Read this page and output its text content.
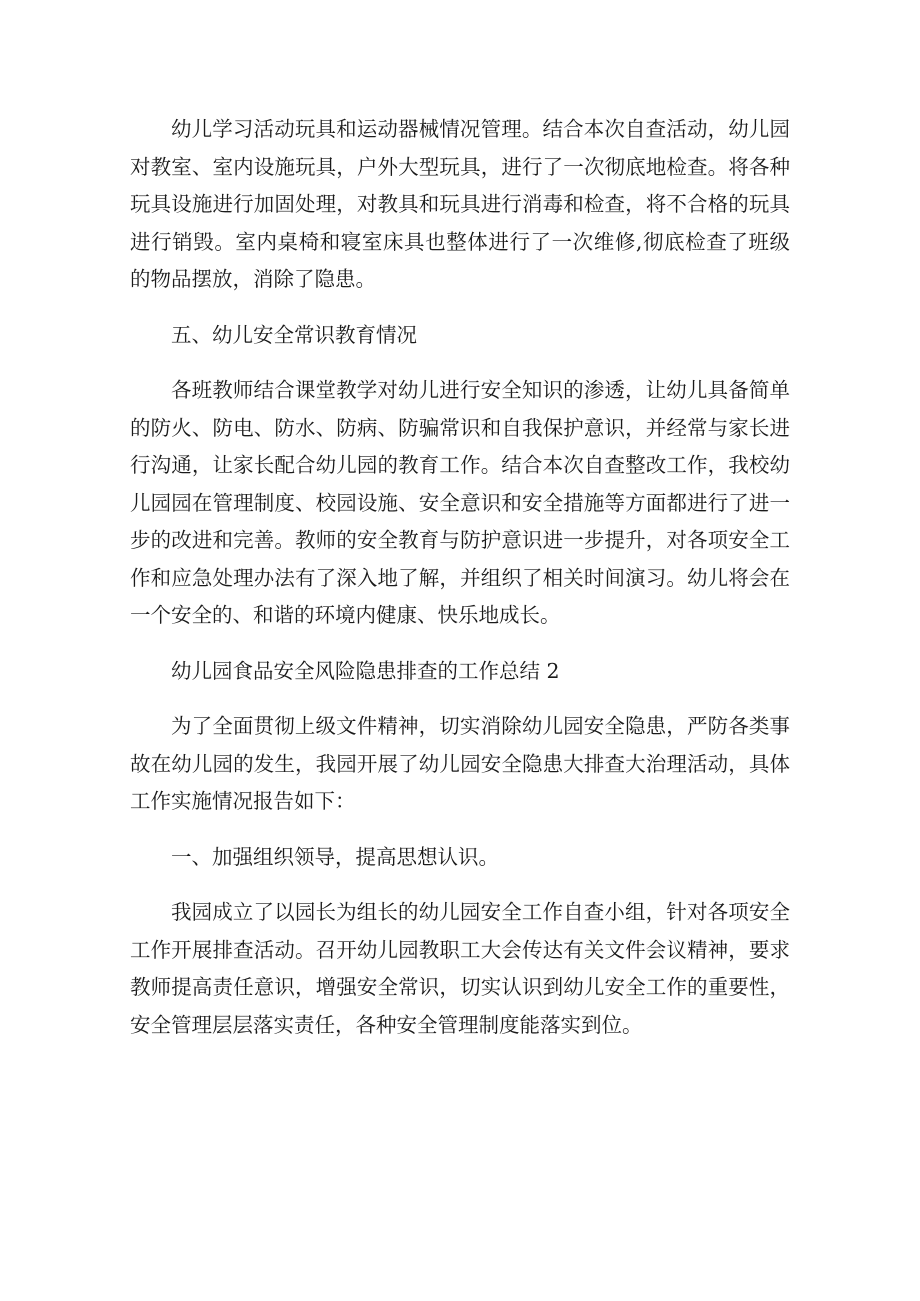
幼儿学习活动玩具和运动器械情况管理。结合本次自查活动，幼儿园对教室、室内设施玩具，户外大型玩具，进行了一次彻底地检查。将各种玩具设施进行加固处理，对教具和玩具进行消毒和检查，将不合格的玩具进行销毁。室内桌椅和寝室床具也整体进行了一次维修,彻底检查了班级的物品摆放，消除了隐患。

五、幼儿安全常识教育情况

各班教师结合课堂教学对幼儿进行安全知识的渗透，让幼儿具备简单的防火、防电、防水、防病、防骗常识和自我保护意识，并经常与家长进行沟通，让家长配合幼儿园的教育工作。结合本次自查整改工作，我校幼儿园园在管理制度、校园设施、安全意识和安全措施等方面都进行了进一步的改进和完善。教师的安全教育与防护意识进一步提升，对各项安全工作和应急处理办法有了深入地了解，并组织了相关时间演习。幼儿将会在一个安全的、和谐的环境内健康、快乐地成长。

幼儿园食品安全风险隐患排查的工作总结 2

为了全面贯彻上级文件精神，切实消除幼儿园安全隐患，严防各类事故在幼儿园的发生，我园开展了幼儿园安全隐患大排查大治理活动，具体工作实施情况报告如下：

一、加强组织领导，提高思想认识。

我园成立了以园长为组长的幼儿园安全工作自查小组，针对各项安全工作开展排查活动。召开幼儿园教职工大会传达有关文件会议精神，要求教师提高责任意识，增强安全常识，切实认识到幼儿安全工作的重要性，安全管理层层落实责任，各种安全管理制度能落实到位。
